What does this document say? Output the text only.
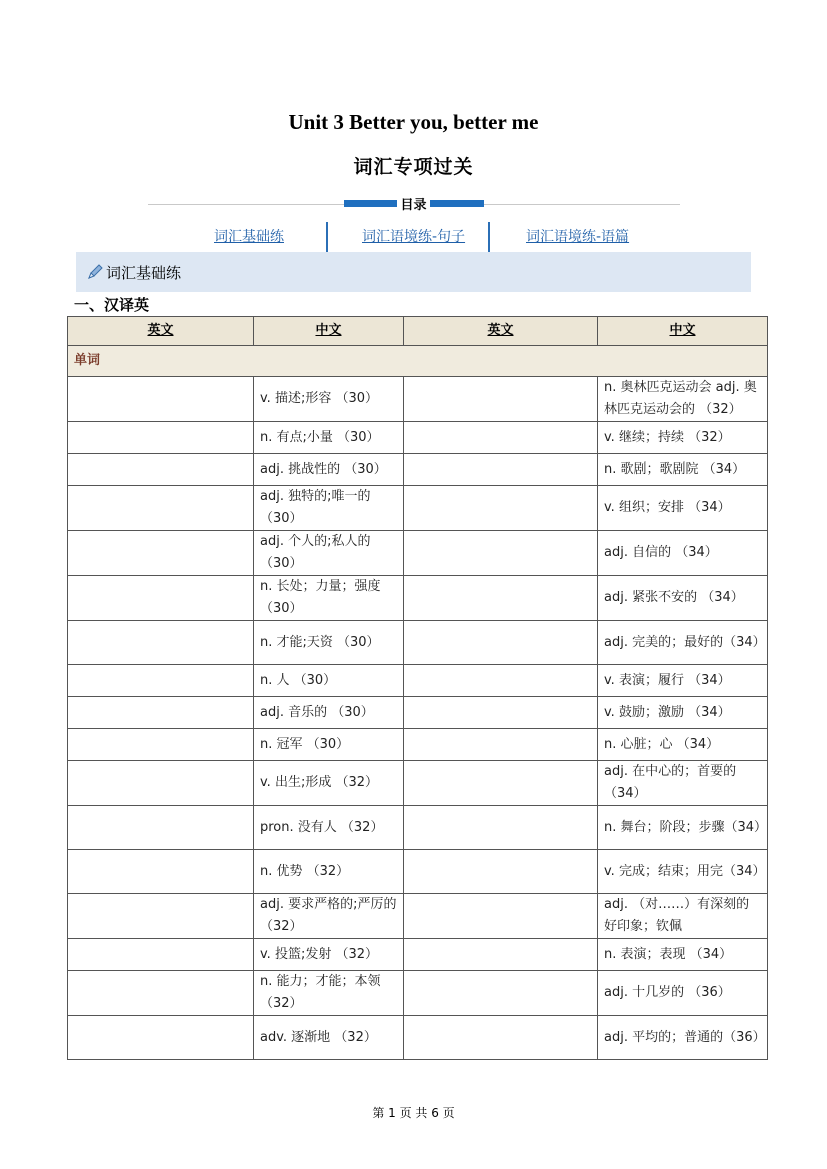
Unit 3 Better you, better me
词汇专项过关
目录
词汇基础练	词汇语境练-句子	词汇语境练-语篇
词汇基础练
一、汉译英
英文	中文	英文	中文
单词			
	v. 描述;形容 （30）		n. 奥林匹克运动会 adj. 奥林匹克运动会的 （32）
	n. 有点;小量 （30）		v. 继续；持续 （32）
	adj. 挑战性的 （30）		n. 歌剧；歌剧院 （34）
	adj. 独特的;唯一的（30）		v. 组织；安排 （34）
	adj. 个人的;私人的（30）		adj. 自信的 （34）
	n. 长处；力量；强度 （30）		adj. 紧张不安的 （34）
	n. 才能;天资 （30）		adj. 完美的；最好的（34）
	n. 人 （30）		v. 表演；履行 （34）
	adj. 音乐的 （30）		v. 鼓励；激励 （34）
	n. 冠军 （30）		n. 心脏；心 （34）
	v. 出生;形成 （32）		adj. 在中心的；首要的（34）
	pron. 没有人 （32）		n. 舞台；阶段；步骤（34）
	n. 优势 （32）		v. 完成；结束；用完（34）
	adj. 要求严格的;严厉的 （32）		adj. （对……）有深刻的好印象；钦佩
	v. 投篮;发射 （32）		n. 表演；表现 （34）
	n. 能力；才能；本领 （32）		adj. 十几岁的 （36）
	adv. 逐渐地 （32）		adj. 平均的；普通的（36）
第 1 页 共 6 页
